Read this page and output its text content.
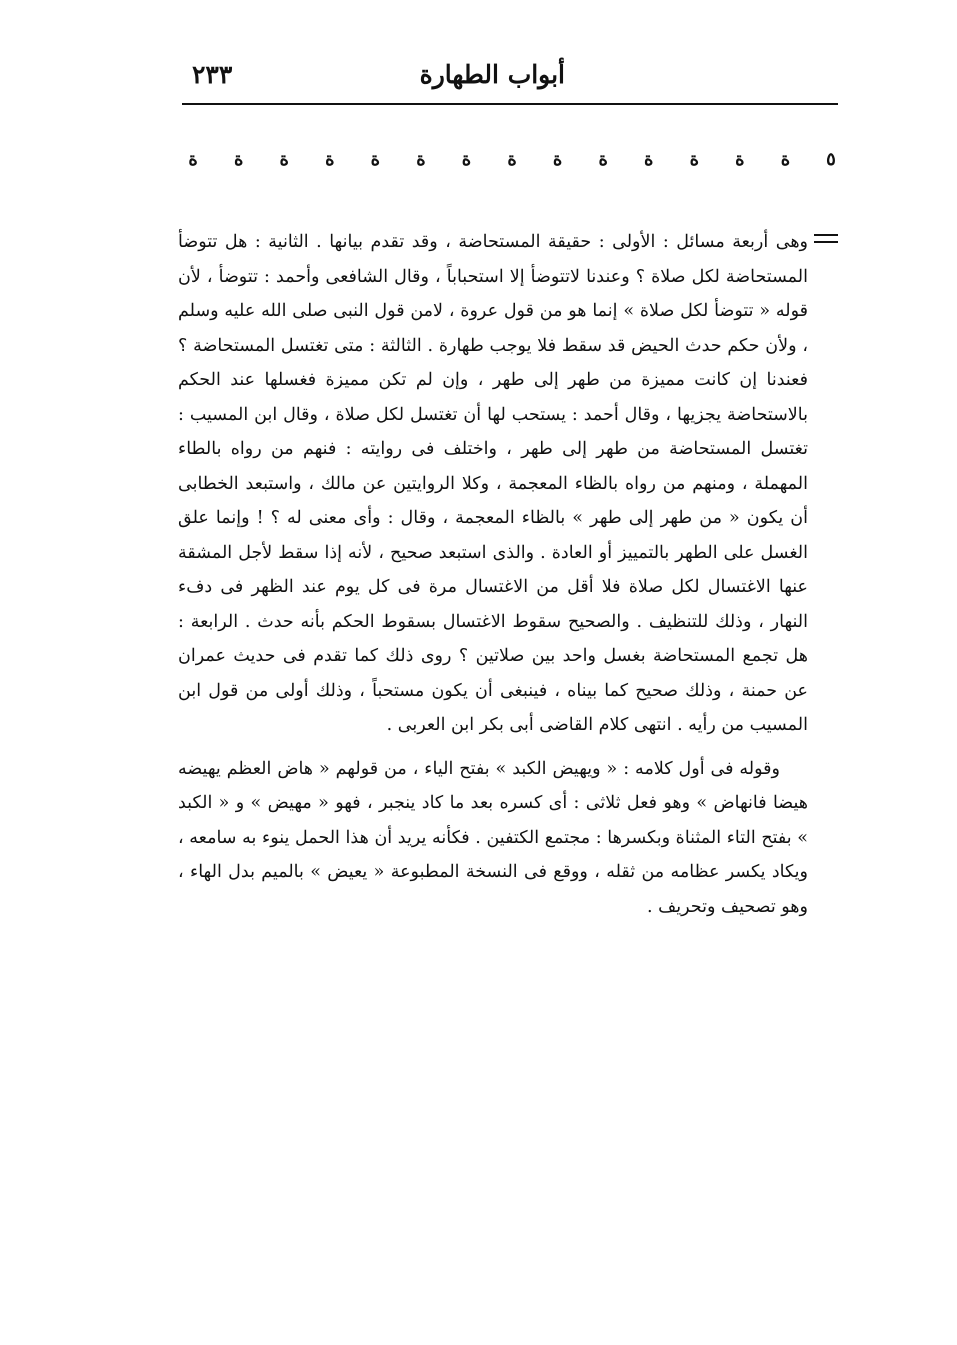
أبواب الطهارة
٢٣٣
٥
ة
ة
ة
ة
ة
ة
ة
ة
ة
ة
ة
ة
ة
ة

وهى أربعة مسائل : الأولى : حقيقة المستحاضة ، وقد تقدم بيانها . الثانية : هل تتوضأ المستحاضة لكل صلاة ؟ وعندنا لاتتوضأ إلا استحباباً ، وقال الشافعى وأحمد : تتوضأ ، لأن قوله « تتوضأ لكل صلاة » إنما هو من قول عروة ، لامن قول النبى صلى الله عليه وسلم ، ولأن حكم حدث الحيض قد سقط فلا يوجب طهارة . الثالثة : متى تغتسل المستحاضة ؟ فعندنا إن كانت مميزة من طهر إلى طهر ، وإن لم تكن مميزة فغسلها عند الحكم بالاستحاضة يجزيها ، وقال أحمد : يستحب لها أن تغتسل لكل صلاة ، وقال ابن المسيب : تغتسل المستحاضة من طهر إلى طهر ، واختلف فى روايته : فنهم من رواه بالطاء المهملة ، ومنهم من رواه بالظاء المعجمة ، وكلا الروايتين عن مالك ، واستبعد الخطابى أن يكون « من طهر إلى طهر » بالظاء المعجمة ، وقال : وأى معنى له ؟ ! وإنما علق الغسل على الطهر بالتمييز أو العادة . والذى استبعد صحيح ، لأنه إذا سقط لأجل المشقة عنها الاغتسال لكل صلاة فلا أقل من الاغتسال مرة فى كل يوم عند الظهر فى دفء النهار ، وذلك للتنظيف . والصحيح سقوط الاغتسال بسقوط الحكم بأنه حدث . الرابعة : هل تجمع المستحاضة بغسل واحد بين صلاتين ؟ روى ذلك كما تقدم فى حديث عمران عن حمنة ، وذلك صحيح كما بيناه ، فينبغى أن يكون مستحباً ، وذلك أولى من قول ابن المسيب من رأيه . انتهى كلام القاضى أبى بكر ابن العربى .

وقوله فى أول كلامه : « ويهيض الكبد » بفتح الياء ، من قولهم « هاض العظم يهيضه هيضا فانهاض » وهو فعل ثلاثى : أى كسره بعد ما كاد ينجبر ، فهو « مهيض » و « الكبد » بفتح التاء المثناة وبكسرها : مجتمع الكتفين . فكأنه يريد أن هذا الحمل ينوء به سامعه ، ويكاد يكسر عظامه من ثقله ، ووقع فى النسخة المطبوعة « يعيض » بالميم بدل الهاء ، وهو تصحيف وتحريف .
